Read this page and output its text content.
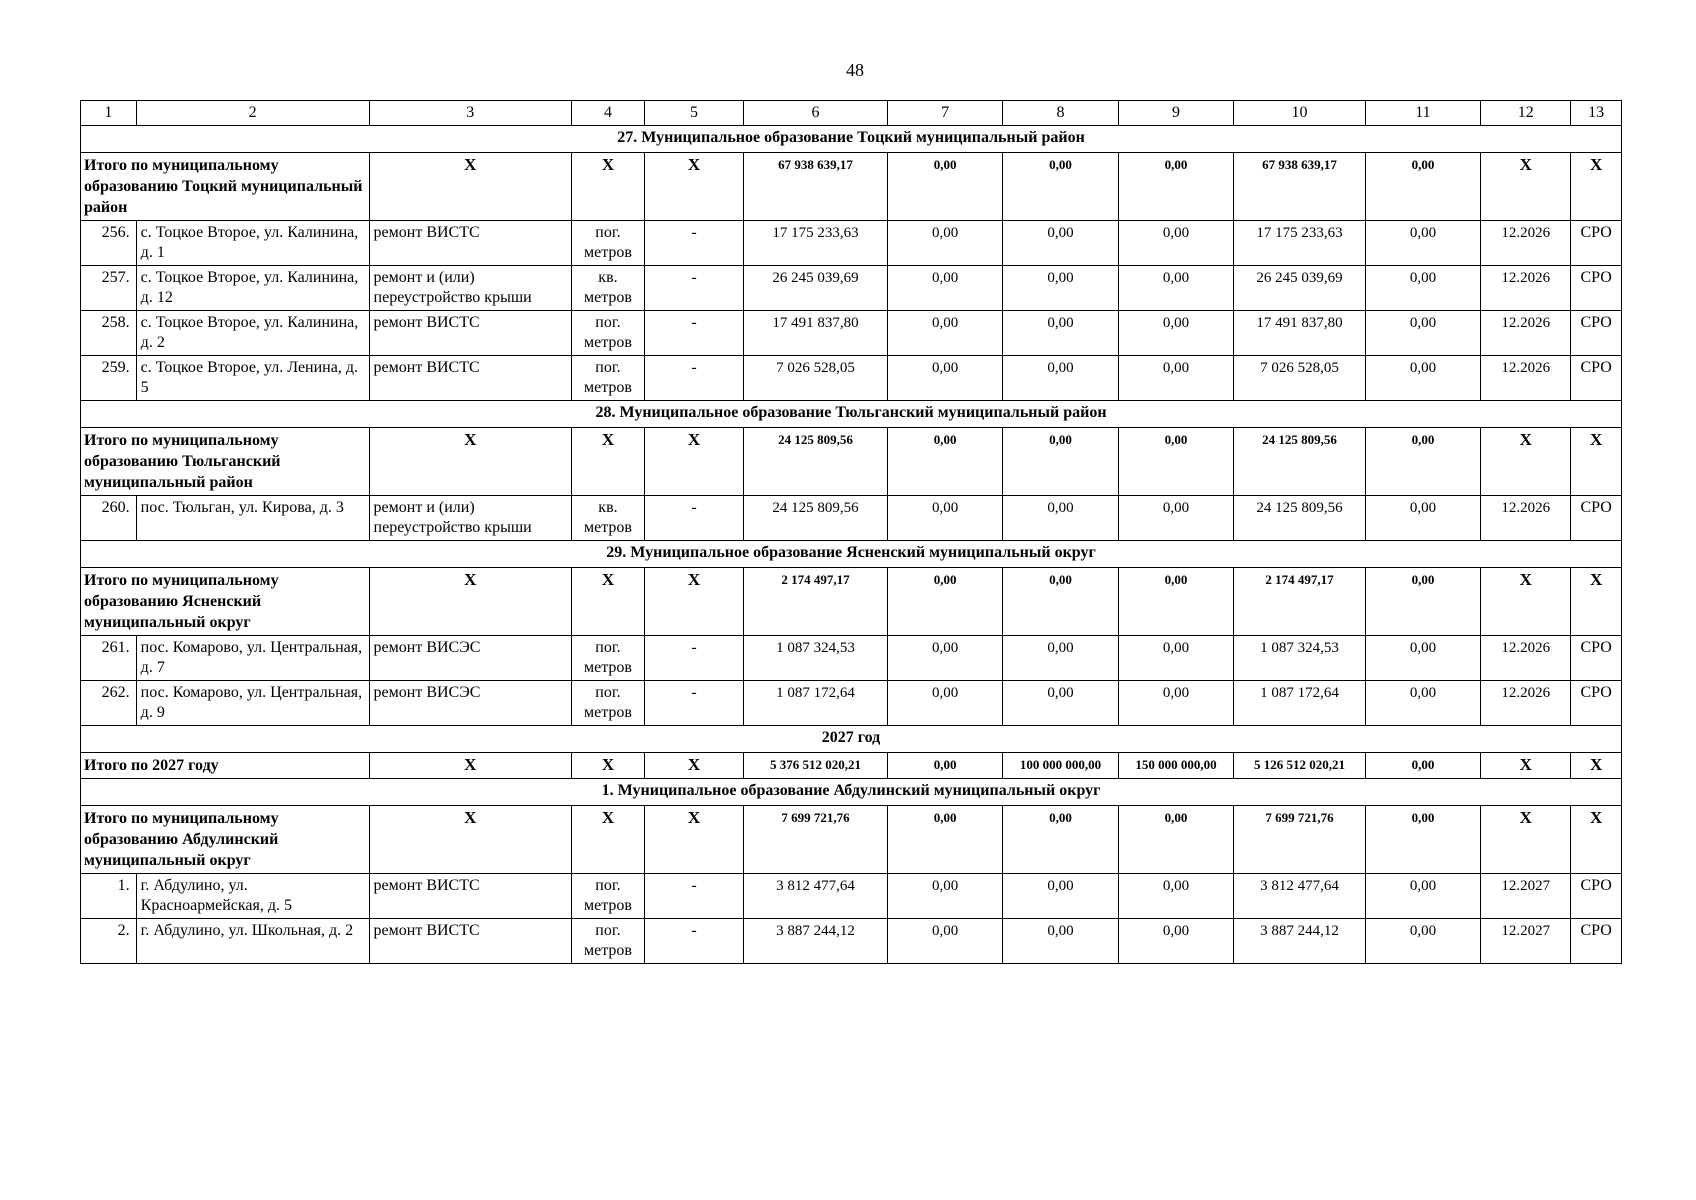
48
1	2	3	4	5	6	7	8	9	10	11	12	13
27. Муниципальное образование Тоцкий муниципальный район												
Итого по муниципальному образованию Тоцкий муниципальный район		Х	Х	Х	67 938 639,17	0,00	0,00	0,00	67 938 639,17	0,00	Х	Х
256.	с. Тоцкое Второе, ул. Калинина, д. 1	ремонт ВИСТС	пог. метров	-	17 175 233,63	0,00	0,00	0,00	17 175 233,63	0,00	12.2026	СРО
257.	с. Тоцкое Второе, ул. Калинина, д. 12	ремонт и (или) переустройство крыши	кв. метров	-	26 245 039,69	0,00	0,00	0,00	26 245 039,69	0,00	12.2026	СРО
258.	с. Тоцкое Второе, ул. Калинина, д. 2	ремонт ВИСТС	пог. метров	-	17 491 837,80	0,00	0,00	0,00	17 491 837,80	0,00	12.2026	СРО
259.	с. Тоцкое Второе, ул. Ленина, д. 5	ремонт ВИСТС	пог. метров	-	7 026 528,05	0,00	0,00	0,00	7 026 528,05	0,00	12.2026	СРО
28. Муниципальное образование Тюльганский муниципальный район												
Итого по муниципальному образованию Тюльганский муниципальный район		Х	Х	Х	24 125 809,56	0,00	0,00	0,00	24 125 809,56	0,00	Х	Х
260.	пос. Тюльган, ул. Кирова, д. 3	ремонт и (или) переустройство крыши	кв. метров	-	24 125 809,56	0,00	0,00	0,00	24 125 809,56	0,00	12.2026	СРО
29. Муниципальное образование Ясненский муниципальный округ												
Итого по муниципальному образованию Ясненский муниципальный округ		Х	Х	Х	2 174 497,17	0,00	0,00	0,00	2 174 497,17	0,00	Х	Х
261.	пос. Комарово, ул. Центральная, д. 7	ремонт ВИСЭС	пог. метров	-	1 087 324,53	0,00	0,00	0,00	1 087 324,53	0,00	12.2026	СРО
262.	пос. Комарово, ул. Центральная, д. 9	ремонт ВИСЭС	пог. метров	-	1 087 172,64	0,00	0,00	0,00	1 087 172,64	0,00	12.2026	СРО
2027 год												
Итого по 2027 году		Х	Х	Х	5 376 512 020,21	0,00	100 000 000,00	150 000 000,00	5 126 512 020,21	0,00	Х	Х
1. Муниципальное образование Абдулинский муниципальный округ												
Итого по муниципальному образованию Абдулинский муниципальный округ		Х	Х	Х	7 699 721,76	0,00	0,00	0,00	7 699 721,76	0,00	Х	Х
1.	г. Абдулино, ул. Красноармейская, д. 5	ремонт ВИСТС	пог. метров	-	3 812 477,64	0,00	0,00	0,00	3 812 477,64	0,00	12.2027	СРО
2.	г. Абдулино, ул. Школьная, д. 2	ремонт ВИСТС	пог. метров	-	3 887 244,12	0,00	0,00	0,00	3 887 244,12	0,00	12.2027	СРО
